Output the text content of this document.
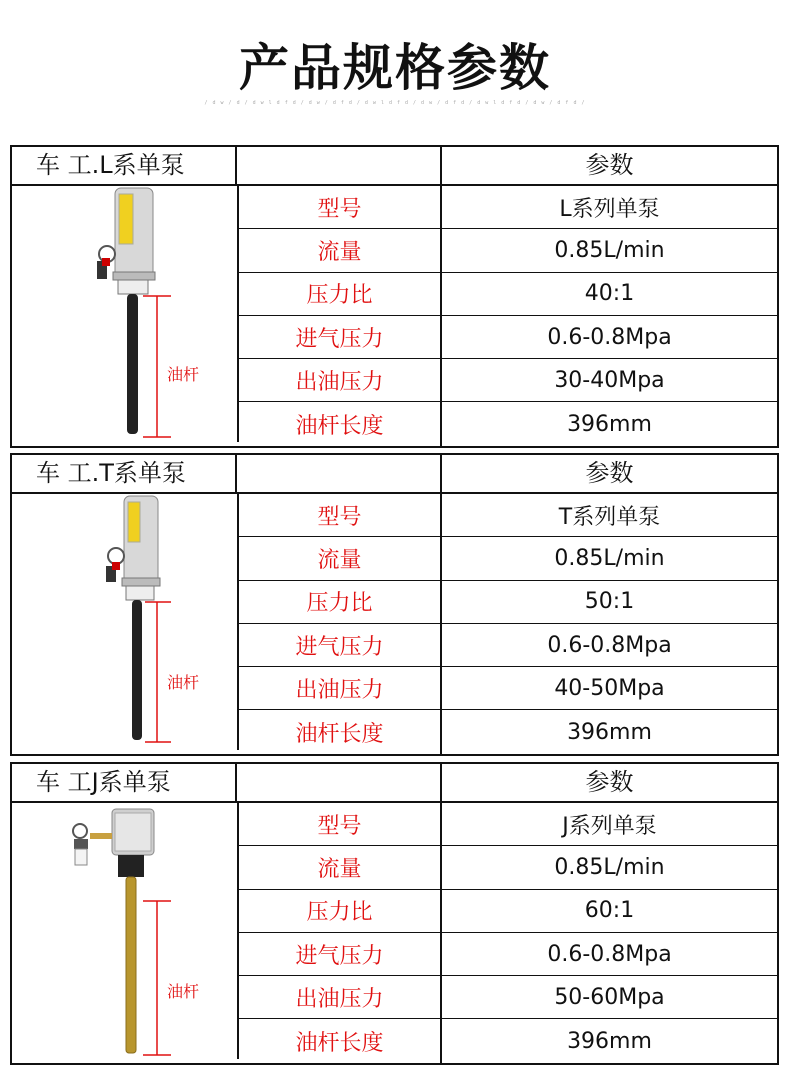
产品规格参数
/ d w / d / d w l d f d / d w / d f d / d w l d f d / d w / d f d / d w l d f d / d w / d f d /
车 工.L系单泵	参数
油杆
型号	L系列单泵
流量	0.85L/min
压力比	40:1
进气压力	0.6-0.8Mpa
出油压力	30-40Mpa
油杆长度	396mm
车 工.T系单泵	参数
油杆
型号	T系列单泵
流量	0.85L/min
压力比	50:1
进气压力	0.6-0.8Mpa
出油压力	40-50Mpa
油杆长度	396mm
车 工J系单泵	参数
油杆
型号	J系列单泵
流量	0.85L/min
压力比	60:1
进气压力	0.6-0.8Mpa
出油压力	50-60Mpa
油杆长度	396mm
